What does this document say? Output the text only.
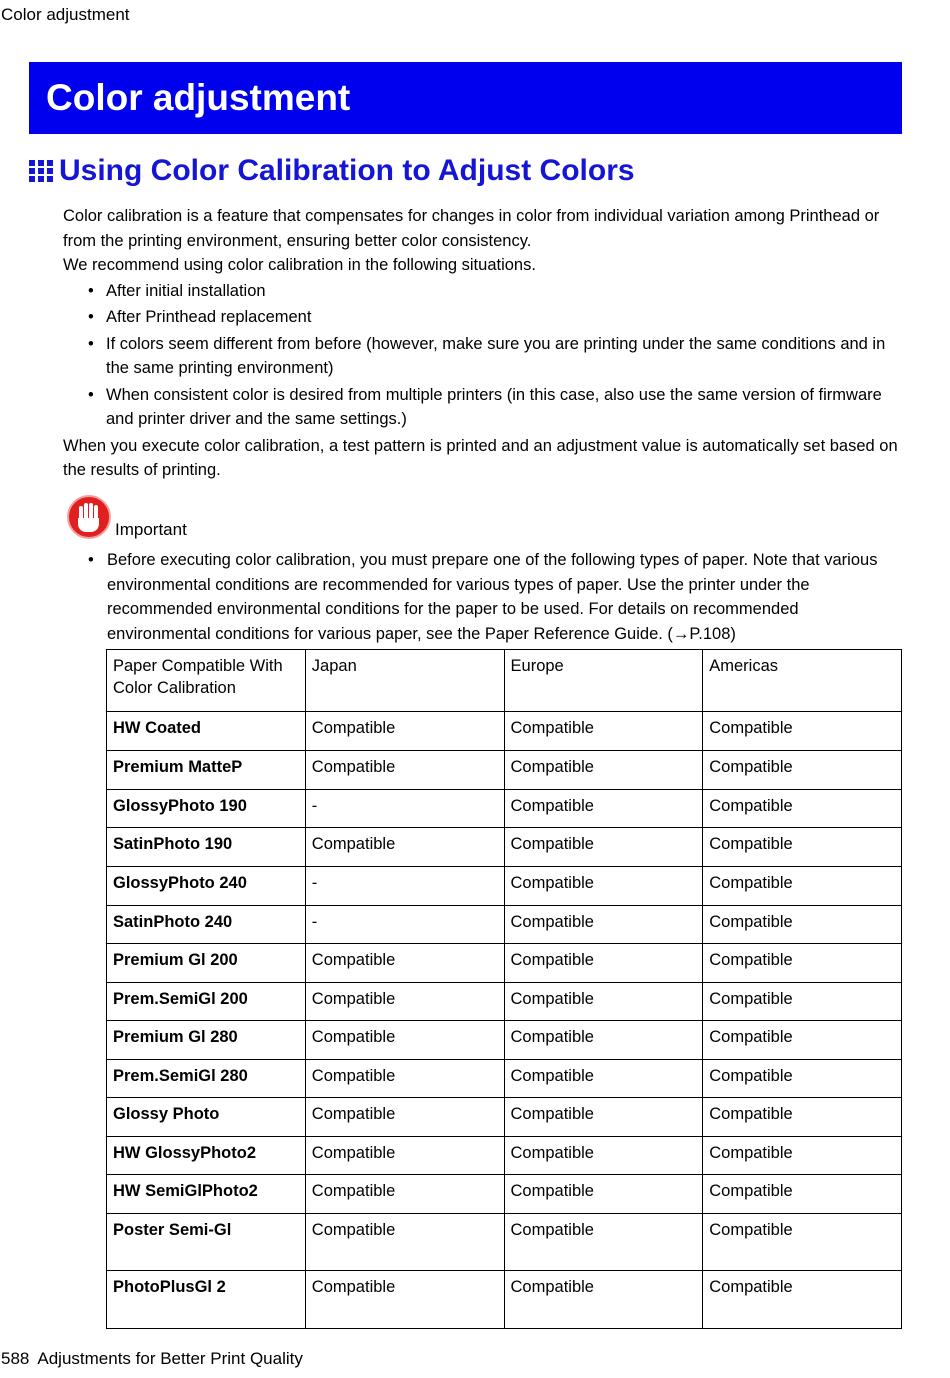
Color adjustment
Color adjustment
Using Color Calibration to Adjust Colors

Color calibration is a feature that compensates for changes in color from individual variation among Printhead or from the printing environment, ensuring better color consistency.

We recommend using color calibration in the following situations.

• After initial installation
• After Printhead replacement
• If colors seem different from before (however, make sure you are printing under the same conditions and in the same printing environment)
• When consistent color is desired from multiple printers (in this case, also use the same version of firmware and printer driver and the same settings.)

When you execute color calibration, a test pattern is printed and an adjustment value is automatically set based on the results of printing.

Important
• Before executing color calibration, you must prepare one of the following types of paper. Note that various environmental conditions are recommended for various types of paper. Use the printer under the recommended environmental conditions for the paper to be used. For details on recommended environmental conditions for various paper, see the Paper Reference Guide. (→P.108)
Paper Compatible With Color Calibration	Japan	Europe	Americas
HW Coated	Compatible	Compatible	Compatible
Premium MatteP	Compatible	Compatible	Compatible
GlossyPhoto 190	-	Compatible	Compatible
SatinPhoto 190	Compatible	Compatible	Compatible
GlossyPhoto 240	-	Compatible	Compatible
SatinPhoto 240	-	Compatible	Compatible
Premium Gl 200	Compatible	Compatible	Compatible
Prem.SemiGl 200	Compatible	Compatible	Compatible
Premium Gl 280	Compatible	Compatible	Compatible
Prem.SemiGl 280	Compatible	Compatible	Compatible
Glossy Photo	Compatible	Compatible	Compatible
HW GlossyPhoto2	Compatible	Compatible	Compatible
HW SemiGlPhoto2	Compatible	Compatible	Compatible
Poster Semi-Gl	Compatible	Compatible	Compatible
PhotoPlusGl 2	Compatible	Compatible	Compatible
588 Adjustments for Better Print Quality
